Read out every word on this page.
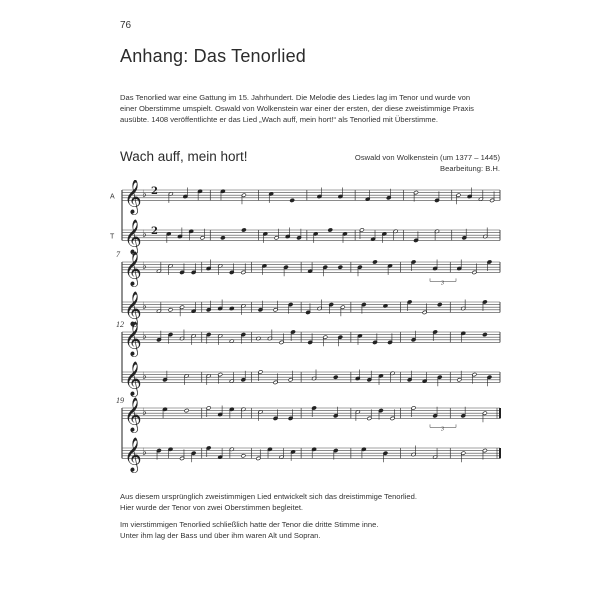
76
Anhang: Das Tenorlied

Das Tenorlied war eine Gattung im 15. Jahrhundert. Die Melodie des Liedes lag im Tenor und wurde von

einer Oberstimme umspielt. Oswald von Wolkenstein war einer der ersten, der diese zweistimmige Praxis

ausübte. 1408 veröffentlichte er das Lied „Wach auff, mein hort!“ als Tenorlied mit Überstimme.

Wach auff, mein hort!	Oswald von Wolkenstein (um 1377 – 1445)
Bearbeitung: B.H.
A 𝄞 ♭ 2
T 𝄞 ♭ 2
7 𝄞 ♭
𝄞 ♭
3
12 𝄞 ♭
𝄞 ♭
19 𝄞 ♭
𝄞 ♭
3

Aus diesem ursprünglich zweistimmigen Lied entwickelt sich das dreistimmige Tenorlied.
Hier wurde der Tenor von zwei Oberstimmen begleitet.

Im vierstimmigen Tenorlied schließlich hatte der Tenor die dritte Stimme inne.
Unter ihm lag der Bass und über ihm waren Alt und Sopran.
